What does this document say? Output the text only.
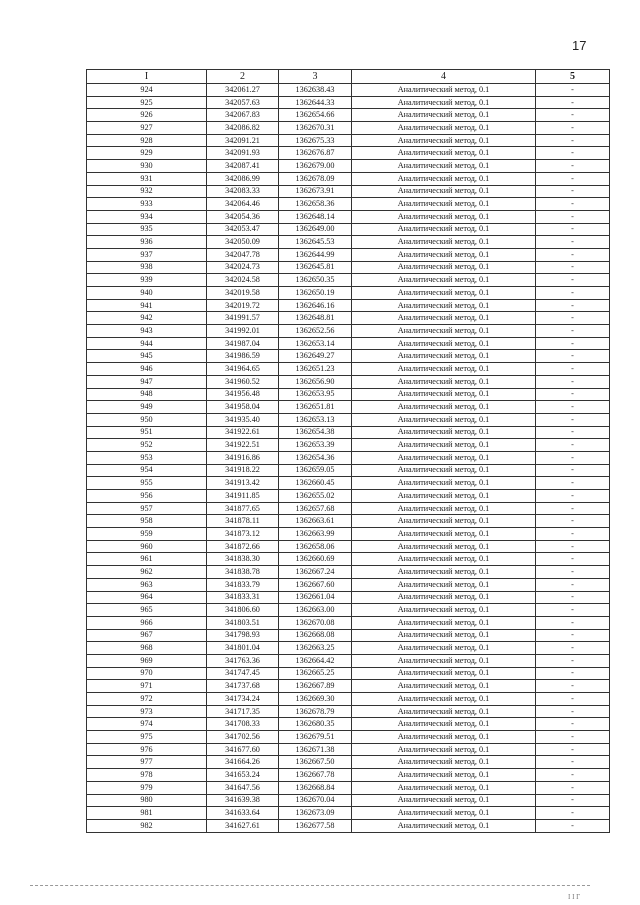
17
I	2	3	4	5
924	342061.27	1362638.43	Аналитический метод, 0.1	-
925	342057.63	1362644.33	Аналитический метод, 0.1	-
926	342067.83	1362654.66	Аналитический метод, 0.1	-
927	342086.82	1362670.31	Аналитический метод, 0.1	-
928	342091.21	1362675.33	Аналитический метод, 0.1	-
929	342091.93	1362676.87	Аналитический метод, 0.1	-
930	342087.41	1362679.00	Аналитический метод, 0.1	-
931	342086.99	1362678.09	Аналитический метод, 0.1	-
932	342083.33	1362673.91	Аналитический метод, 0.1	-
933	342064.46	1362658.36	Аналитический метод, 0.1	-
934	342054.36	1362648.14	Аналитический метод, 0.1	-
935	342053.47	1362649.00	Аналитический метод, 0.1	-
936	342050.09	1362645.53	Аналитический метод, 0.1	-
937	342047.78	1362644.99	Аналитический метод, 0.1	-
938	342024.73	1362645.81	Аналитический метод, 0.1	-
939	342024.58	1362650.35	Аналитический метод, 0.1	-
940	342019.58	1362650.19	Аналитический метод, 0.1	-
941	342019.72	1362646.16	Аналитический метод, 0.1	-
942	341991.57	1362648.81	Аналитический метод, 0.1	-
943	341992.01	1362652.56	Аналитический метод, 0.1	-
944	341987.04	1362653.14	Аналитический метод, 0.1	-
945	341986.59	1362649.27	Аналитический метод, 0.1	-
946	341964.65	1362651.23	Аналитический метод, 0.1	-
947	341960.52	1362656.90	Аналитический метод, 0.1	-
948	341956.48	1362653.95	Аналитический метод, 0.1	-
949	341958.04	1362651.81	Аналитический метод, 0.1	-
950	341935.40	1362653.13	Аналитический метод, 0.1	-
951	341922.61	1362654.38	Аналитический метод, 0.1	-
952	341922.51	1362653.39	Аналитический метод, 0.1	-
953	341916.86	1362654.36	Аналитический метод, 0.1	-
954	341918.22	1362659.05	Аналитический метод, 0.1	-
955	341913.42	1362660.45	Аналитический метод, 0.1	-
956	341911.85	1362655.02	Аналитический метод, 0.1	-
957	341877.65	1362657.68	Аналитический метод, 0.1	-
958	341878.11	1362663.61	Аналитический метод, 0.1	-
959	341873.12	1362663.99	Аналитический метод, 0.1	-
960	341872.66	1362658.06	Аналитический метод, 0.1	-
961	341838.30	1362660.69	Аналитический метод, 0.1	-
962	341838.78	1362667.24	Аналитический метод, 0.1	-
963	341833.79	1362667.60	Аналитический метод, 0.1	-
964	341833.31	1362661.04	Аналитический метод, 0.1	-
965	341806.60	1362663.00	Аналитический метод, 0.1	-
966	341803.51	1362670.08	Аналитический метод, 0.1	-
967	341798.93	1362668.08	Аналитический метод, 0.1	-
968	341801.04	1362663.25	Аналитический метод, 0.1	-
969	341763.36	1362664.42	Аналитический метод, 0.1	-
970	341747.45	1362665.25	Аналитический метод, 0.1	-
971	341737.68	1362667.89	Аналитический метод, 0.1	-
972	341734.24	1362669.30	Аналитический метод, 0.1	-
973	341717.35	1362678.79	Аналитический метод, 0.1	-
974	341708.33	1362680.35	Аналитический метод, 0.1	-
975	341702.56	1362679.51	Аналитический метод, 0.1	-
976	341677.60	1362671.38	Аналитический метод, 0.1	-
977	341664.26	1362667.50	Аналитический метод, 0.1	-
978	341653.24	1362667.78	Аналитический метод, 0.1	-
979	341647.56	1362668.84	Аналитический метод, 0.1	-
980	341639.38	1362670.04	Аналитический метод, 0.1	-
981	341633.64	1362673.09	Аналитический метод, 0.1	-
982	341627.61	1362677.58	Аналитический метод, 0.1	-
I I Г
